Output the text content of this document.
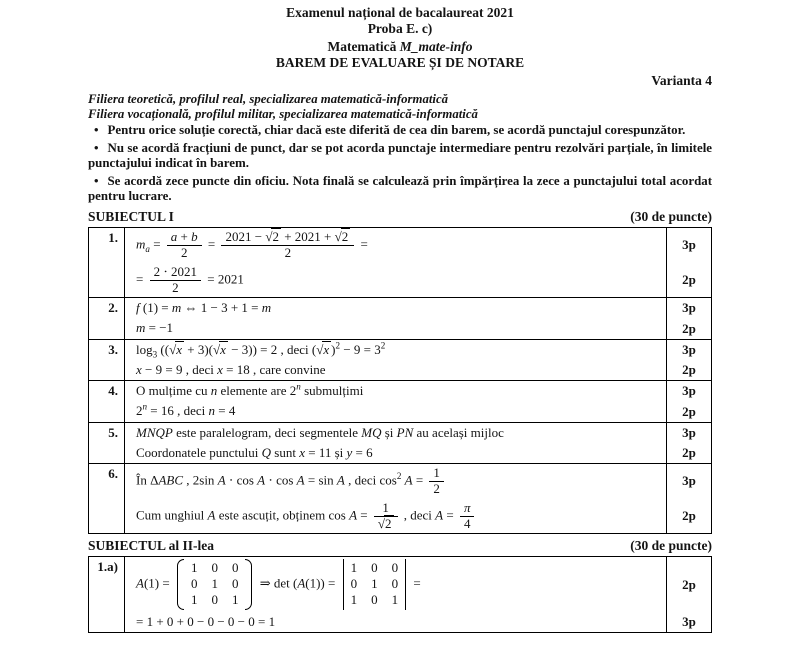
Examenul național de bacalaureat 2021
Proba E. c)
Matematică M_mate-info
BAREM DE EVALUARE ȘI DE NOTARE
Varianta 4
Filiera teoretică, profilul real, specializarea matematică-informatică
Filiera vocațională, profilul militar, specializarea matematică-informatică
• Pentru orice soluție corectă, chiar dacă este diferită de cea din barem, se acordă punctajul corespunzător.
• Nu se acordă fracțiuni de punct, dar se pot acorda punctaje intermediare pentru rezolvări parțiale, în limitele punctajului indicat în barem.
• Se acordă zece puncte din oficiu. Nota finală se calculează prin împărțirea la zece a punctajului total acordat pentru lucrare.
SUBIECTUL I	(30 de puncte)
1.	$m_a = \frac{a + b}{2} = \frac{2021 - √2 + 2021 + √2}{2}$ =	3p
= $\frac{2 \cdot 2021}{2} = 2021$	2p
2.	f (1) = m ⇔ 1 − 3 + 1 = m	3p
m = −1	2p
3.	$\log_3 ((√x + 3)(√x - 3)) = 2$ , deci (√x )$^2 - 9 = 3^2$	3p
x − 9 = 9 , deci x = 18 , care convine	2p
4.	O mulțime cu n elemente are 2$^n$ submulțimi	3p
$2^n = 16$ , deci n = 4	2p
5.	MNQP este paralelogram, deci segmentele MQ și PN au același mijloc	3p
Coordonatele punctului Q sunt x = 11 și y = 6	2p
6.	În ΔABC , 2sin A ⋅ cos A ⋅ cos A = sin A , deci $\cos^2 A = \frac{1}{2}$	3p
Cum unghiul A este ascuțit, obținem $\cos A = \frac{1}{√2}$ , deci $A = \frac{\pi}{4}$	2p
SUBIECTUL al II-lea	(30 de puncte)
1.a)
A(1) =
1 0 0
0 1 0
1 0 1
⇒ det (A(1)) =
1 0 0
0 1 0
1 0 1
=	2p
= 1 + 0 + 0 − 0 − 0 − 0 = 1	3p
